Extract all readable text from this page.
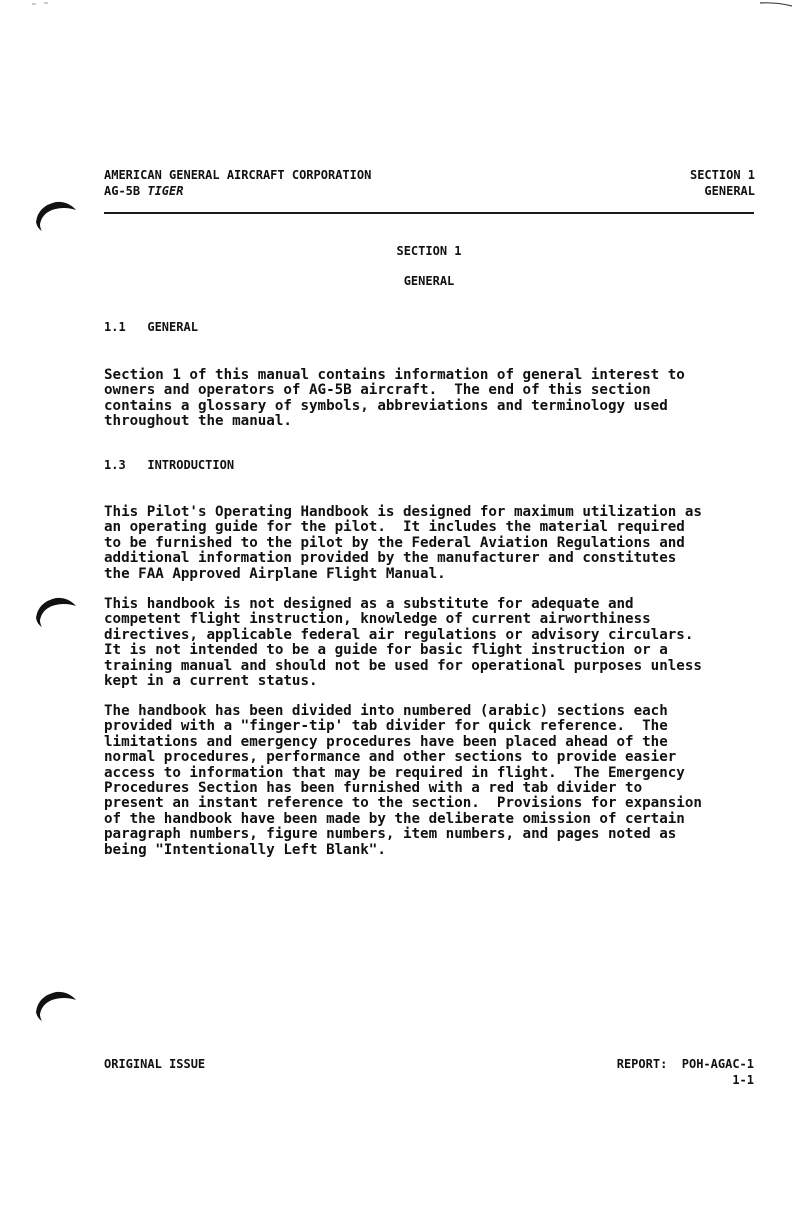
AMERICAN GENERAL AIRCRAFT CORPORATION
AG-5B TIGER
SECTION 1
GENERAL
SECTION 1
GENERAL
1.1   GENERAL

Section 1 of this manual contains information of general interest to
owners and operators of AG-5B aircraft.  The end of this section
contains a glossary of symbols, abbreviations and terminology used
throughout the manual.

1.3   INTRODUCTION

This Pilot's Operating Handbook is designed for maximum utilization as
an operating guide for the pilot.  It includes the material required
to be furnished to the pilot by the Federal Aviation Regulations and
additional information provided by the manufacturer and constitutes
the FAA Approved Airplane Flight Manual.

This handbook is not designed as a substitute for adequate and
competent flight instruction, knowledge of current airworthiness
directives, applicable federal air regulations or advisory circulars.
It is not intended to be a guide for basic flight instruction or a
training manual and should not be used for operational purposes unless
kept in a current status.

The handbook has been divided into numbered (arabic) sections each
provided with a "finger-tip' tab divider for quick reference.  The
limitations and emergency procedures have been placed ahead of the
normal procedures, performance and other sections to provide easier
access to information that may be required in flight.  The Emergency
Procedures Section has been furnished with a red tab divider to
present an instant reference to the section.  Provisions for expansion
of the handbook have been made by the deliberate omission of certain
paragraph numbers, figure numbers, item numbers, and pages noted as
being "Intentionally Left Blank".

ORIGINAL ISSUE	REPORT:  POH-AGAC-1
1-1
